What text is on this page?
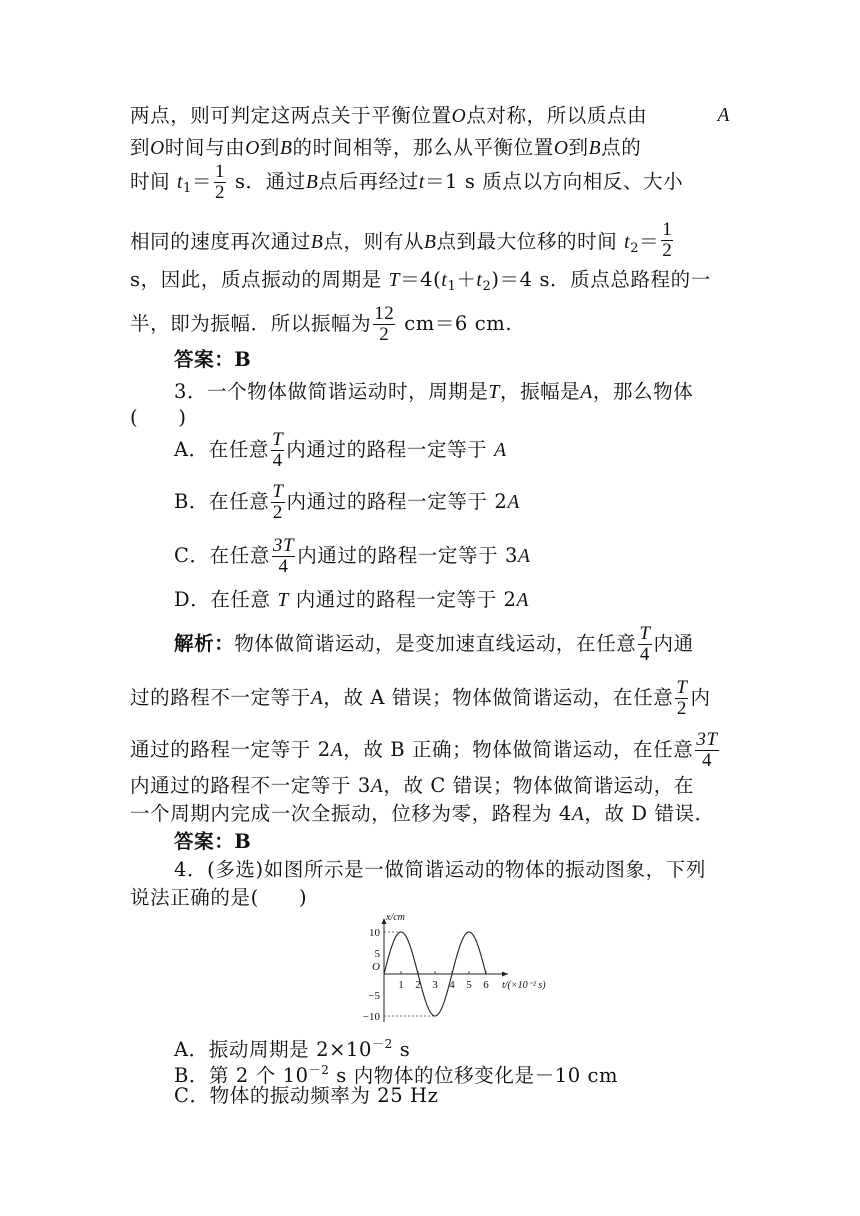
两点，则可判定这两点关于平衡位置O点对称，所以质点由	A
到O时间与由O到B的时间相等，那么从平衡位置O到B点的
时间 $t_1= \frac{1}{2}$ s．通过B点后再经过t＝1 s 质点以方向相反、大小
相同的速度再次通过B点，则有从B点到最大位移的时间 $t_2= \frac{1}{2}$
s，因此，质点振动的周期是 $T=4(t_1+t_2)=4$ s．质点总路程的一
半，即为振幅．所以振幅为 $\frac{12}{2} cm=6$ cm.
答案：B
3．一个物体做简谐运动时，周期是T，振幅是A，那么物体
(　　)
A．在任意 $\frac{T}{4}$ 内通过的路程一定等于 A
B．在任意 $\frac{T}{2}$ 内通过的路程一定等于 2A
C．在任意 $\frac{3T}{4}$ 内通过的路程一定等于 3A
D．在任意 T 内通过的路程一定等于 2A
解析：物体做简谐运动，是变加速直线运动，在任意 $\frac{T}{4}$ 内通
过的路程不一定等于A，故 A 错误；物体做简谐运动，在任意 $\frac{T}{2}$ 内
通过的路程一定等于 2A，故 B 正确；物体做简谐运动，在任意 $\frac{3T}{4}$
内通过的路程不一定等于 3A，故 C 错误；物体做简谐运动，在
一个周期内完成一次全振动，位移为零，路程为 4A，故 D 错误．
答案：B
4．(多选)如图所示是一做简谐运动的物体的振动图象，下列
说法正确的是(　　)
1 2 3 4 5 6
10
5
−5
−10
O
x/cm
t/(×10⁻² s)
A．振动周期是 $2\times 10^{-2}$ s
B．第 2 个 $10^{-2}$ s 内物体的位移变化是－10 cm
C．物体的振动频率为 25 Hz
